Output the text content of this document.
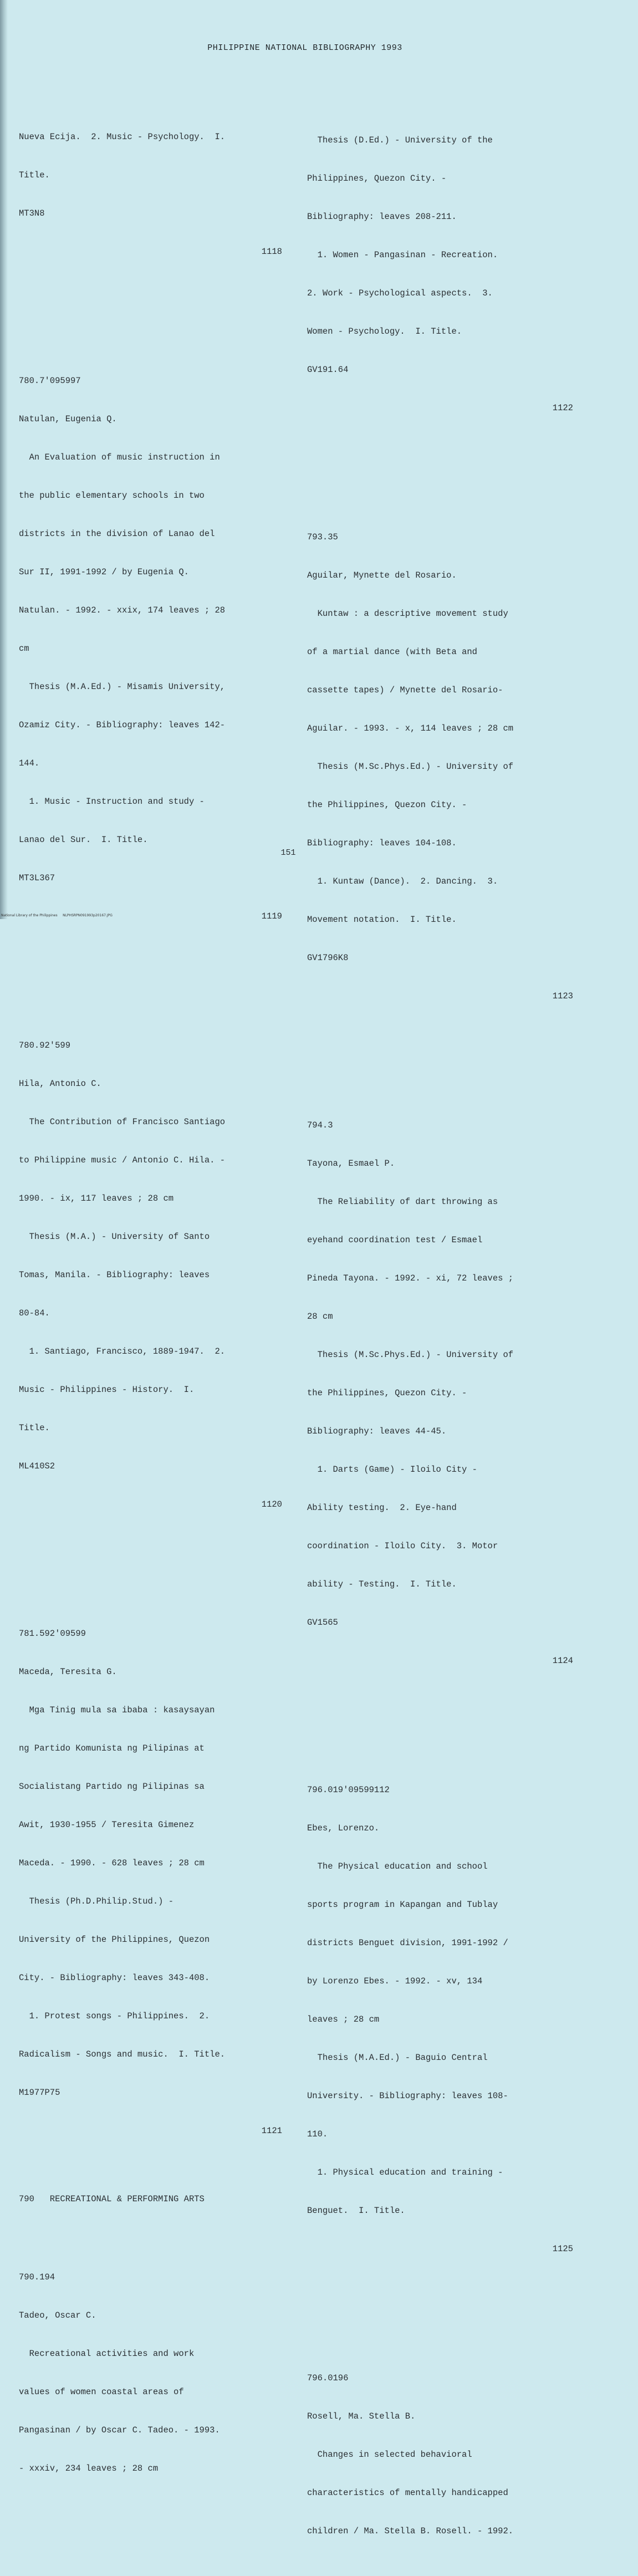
PHILIPPINE NATIONAL BIBLIOGRAPHY 1993

Nueva Ecija.  2. Music - Psychology.  I.

Title.

MT3N8

1118

780.7'095997

Natulan, Eugenia Q.

An Evaluation of music instruction in

the public elementary schools in two

districts in the division of Lanao del

Sur II, 1991-1992 / by Eugenia Q.

Natulan. - 1992. - xxix, 174 leaves ; 28

cm

Thesis (M.A.Ed.) - Misamis University,

Ozamiz City. - Bibliography: leaves 142-

144.

1. Music - Instruction and study -

Lanao del Sur.  I. Title.

MT3L367

1119

780.92'599

Hila, Antonio C.

The Contribution of Francisco Santiago

to Philippine music / Antonio C. Hila. -

1990. - ix, 117 leaves ; 28 cm

Thesis (M.A.) - University of Santo

Tomas, Manila. - Bibliography: leaves

80-84.

1. Santiago, Francisco, 1889-1947.  2.

Music - Philippines - History.  I.

Title.

ML410S2

1120

781.592'09599

Maceda, Teresita G.

Mga Tinig mula sa ibaba : kasaysayan

ng Partido Komunista ng Pilipinas at

Socialistang Partido ng Pilipinas sa

Awit, 1930-1955 / Teresita Gimenez

Maceda. - 1990. - 628 leaves ; 28 cm

Thesis (Ph.D.Philip.Stud.) -

University of the Philippines, Quezon

City. - Bibliography: leaves 343-408.

1. Protest songs - Philippines.  2.

Radicalism - Songs and music.  I. Title.

M1977P75

1121

790   RECREATIONAL & PERFORMING ARTS

790.194

Tadeo, Oscar C.

Recreational activities and work

values of women coastal areas of

Pangasinan / by Oscar C. Tadeo. - 1993.

- xxxiv, 234 leaves ; 28 cm

Thesis (D.Ed.) - University of the

Philippines, Quezon City. -

Bibliography: leaves 208-211.

1. Women - Pangasinan - Recreation.

2. Work - Psychological aspects.  3.

Women - Psychology.  I. Title.

GV191.64

1122

793.35

Aguilar, Mynette del Rosario.

Kuntaw : a descriptive movement study

of a martial dance (with Beta and

cassette tapes) / Mynette del Rosario-

Aguilar. - 1993. - x, 114 leaves ; 28 cm

Thesis (M.Sc.Phys.Ed.) - University of

the Philippines, Quezon City. -

Bibliography: leaves 104-108.

1. Kuntaw (Dance).  2. Dancing.  3.

Movement notation.  I. Title.

GV1796K8

1123

794.3

Tayona, Esmael P.

The Reliability of dart throwing as

eyehand coordination test / Esmael

Pineda Tayona. - 1992. - xi, 72 leaves ;

28 cm

Thesis (M.Sc.Phys.Ed.) - University of

the Philippines, Quezon City. -

Bibliography: leaves 44-45.

1. Darts (Game) - Iloilo City -

Ability testing.  2. Eye-hand

coordination - Iloilo City.  3. Motor

ability - Testing.  I. Title.

GV1565

1124

796.019'09599112

Ebes, Lorenzo.

The Physical education and school

sports program in Kapangan and Tublay

districts Benguet division, 1991-1992 /

by Lorenzo Ebes. - 1992. - xv, 134

leaves ; 28 cm

Thesis (M.A.Ed.) - Baguio Central

University. - Bibliography: leaves 108-

110.

1. Physical education and training -

Benguet.  I. Title.

1125

796.0196

Rosell, Ma. Stella B.

Changes in selected behavioral

characteristics of mentally handicapped

children / Ma. Stella B. Rosell. - 1992.

151
National Library of the Philippines     NLPHSRPN091993p20167.JPG
